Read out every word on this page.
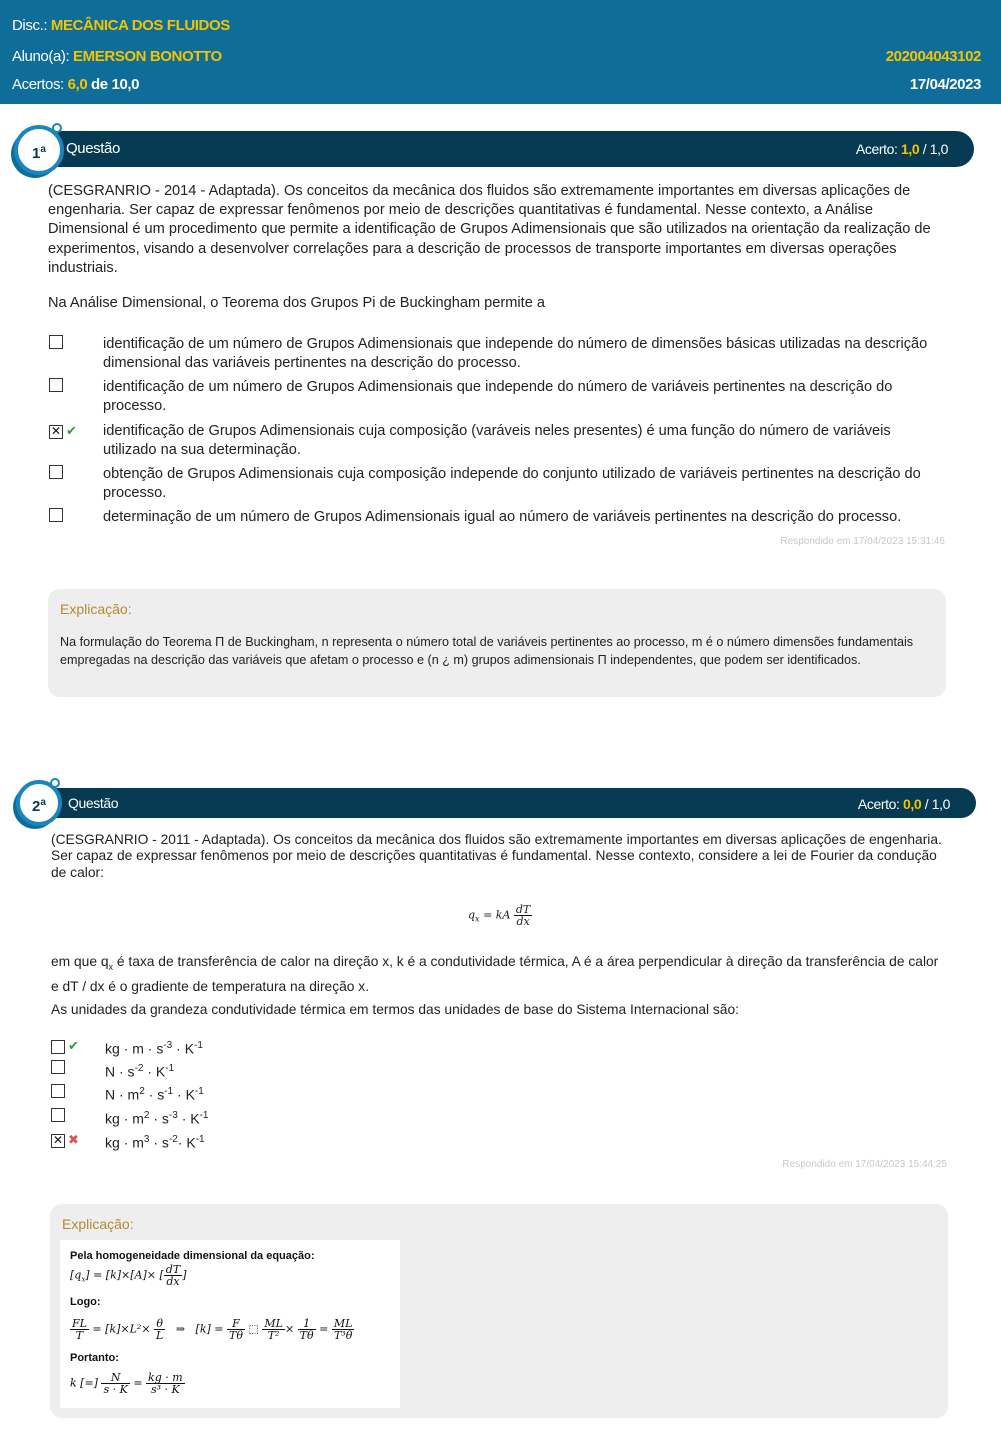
Disc.: MECÂNICA DOS FLUIDOS
Aluno(a): EMERSON BONOTTO
Acertos: 6,0 de 10,0
202004043102
17/04/2023
Questão	Acerto: 1,0 / 1,0
1$^a$
(CESGRANRIO - 2014 - Adaptada). Os conceitos da mecânica dos fluidos são extremamente importantes em diversas aplicações de engenharia. Ser capaz de expressar fenômenos por meio de descrições quantitativas é fundamental. Nesse contexto, a Análise Dimensional é um procedimento que permite a identificação de Grupos Adimensionais que são utilizados na orientação da realização de experimentos, visando a desenvolver correlações para a descrição de processos de transporte importantes em diversas operações industriais.
Na Análise Dimensional, o Teorema dos Grupos Pi de Buckingham permite a
identificação de um número de Grupos Adimensionais que independe do número de dimensões básicas utilizadas na descrição dimensional das variáveis pertinentes na descrição do processo.
identificação de um número de Grupos Adimensionais que independe do número de variáveis pertinentes na descrição do processo.
✕ ✔ identificação de Grupos Adimensionais cuja composição (varáveis neles presentes) é uma função do número de variáveis utilizado na sua determinação.
obtenção de Grupos Adimensionais cuja composição independe do conjunto utilizado de variáveis pertinentes na descrição do processo.
determinação de um número de Grupos Adimensionais igual ao número de variáveis pertinentes na descrição do processo.
Respondido em 17/04/2023 15:31:46
Explicação:
Na formulação do Teorema Π de Buckingham, n representa o número total de variáveis pertinentes ao processo, m é o número dimensões fundamentais empregadas na descrição das variáveis que afetam o processo e (n ¿ m) grupos adimensionais Π independentes, que podem ser identificados.
Questão	Acerto: 0,0 / 1,0
2$^a$
(CESGRANRIO - 2011 - Adaptada). Os conceitos da mecânica dos fluidos são extremamente importantes em diversas aplicações de engenharia. Ser capaz de expressar fenômenos por meio de descrições quantitativas é fundamental. Nesse contexto, considere a lei de Fourier da condução de calor:
$q_x$ = kA $\frac{dT}{dx}$
em que $q_x$ é taxa de transferência de calor na direção x, k é a condutividade térmica, A é a área perpendicular à direção da transferência de calor e dT / dx é o gradiente de temperatura na direção x.
As unidades da grandeza condutividade térmica em termos das unidades de base do Sistema Internacional são:
✔ kg · $m \cdot s^{-3} \cdot K^{-1}$
$N \cdot s^{-2} \cdot K^{-1}$
$N \cdot m^2 \cdot s^{-1} \cdot K^{-1}$
kg · $m^2 \cdot s^{-3} \cdot K^{-1}$
✕ ✖ kg · $m^3 \cdot s^{-2}\cdot K^{-1}$
Respondido em 17/04/2023 15:44:25
Explicação:
Pela homogeneidade dimensional da equação:
$[q_x] = [k]\times[A]\times$ [ $\frac{dT}{dx}$ ]
Logo:
$\frac{FL}{T} = [k]\times L^2\times \frac{\theta}{L}$ ⇒   $[k] = \frac{F}{T\theta}$ ⬚ $\frac{ML}{\text{T²}} \times \frac{1}{T\theta} = \frac{ML}{\text{T³θ}}$
Portanto:
k [=] $\frac{N}{s \cdot K} = \frac{kg \cdot m}{\text{s³ · K}}$
